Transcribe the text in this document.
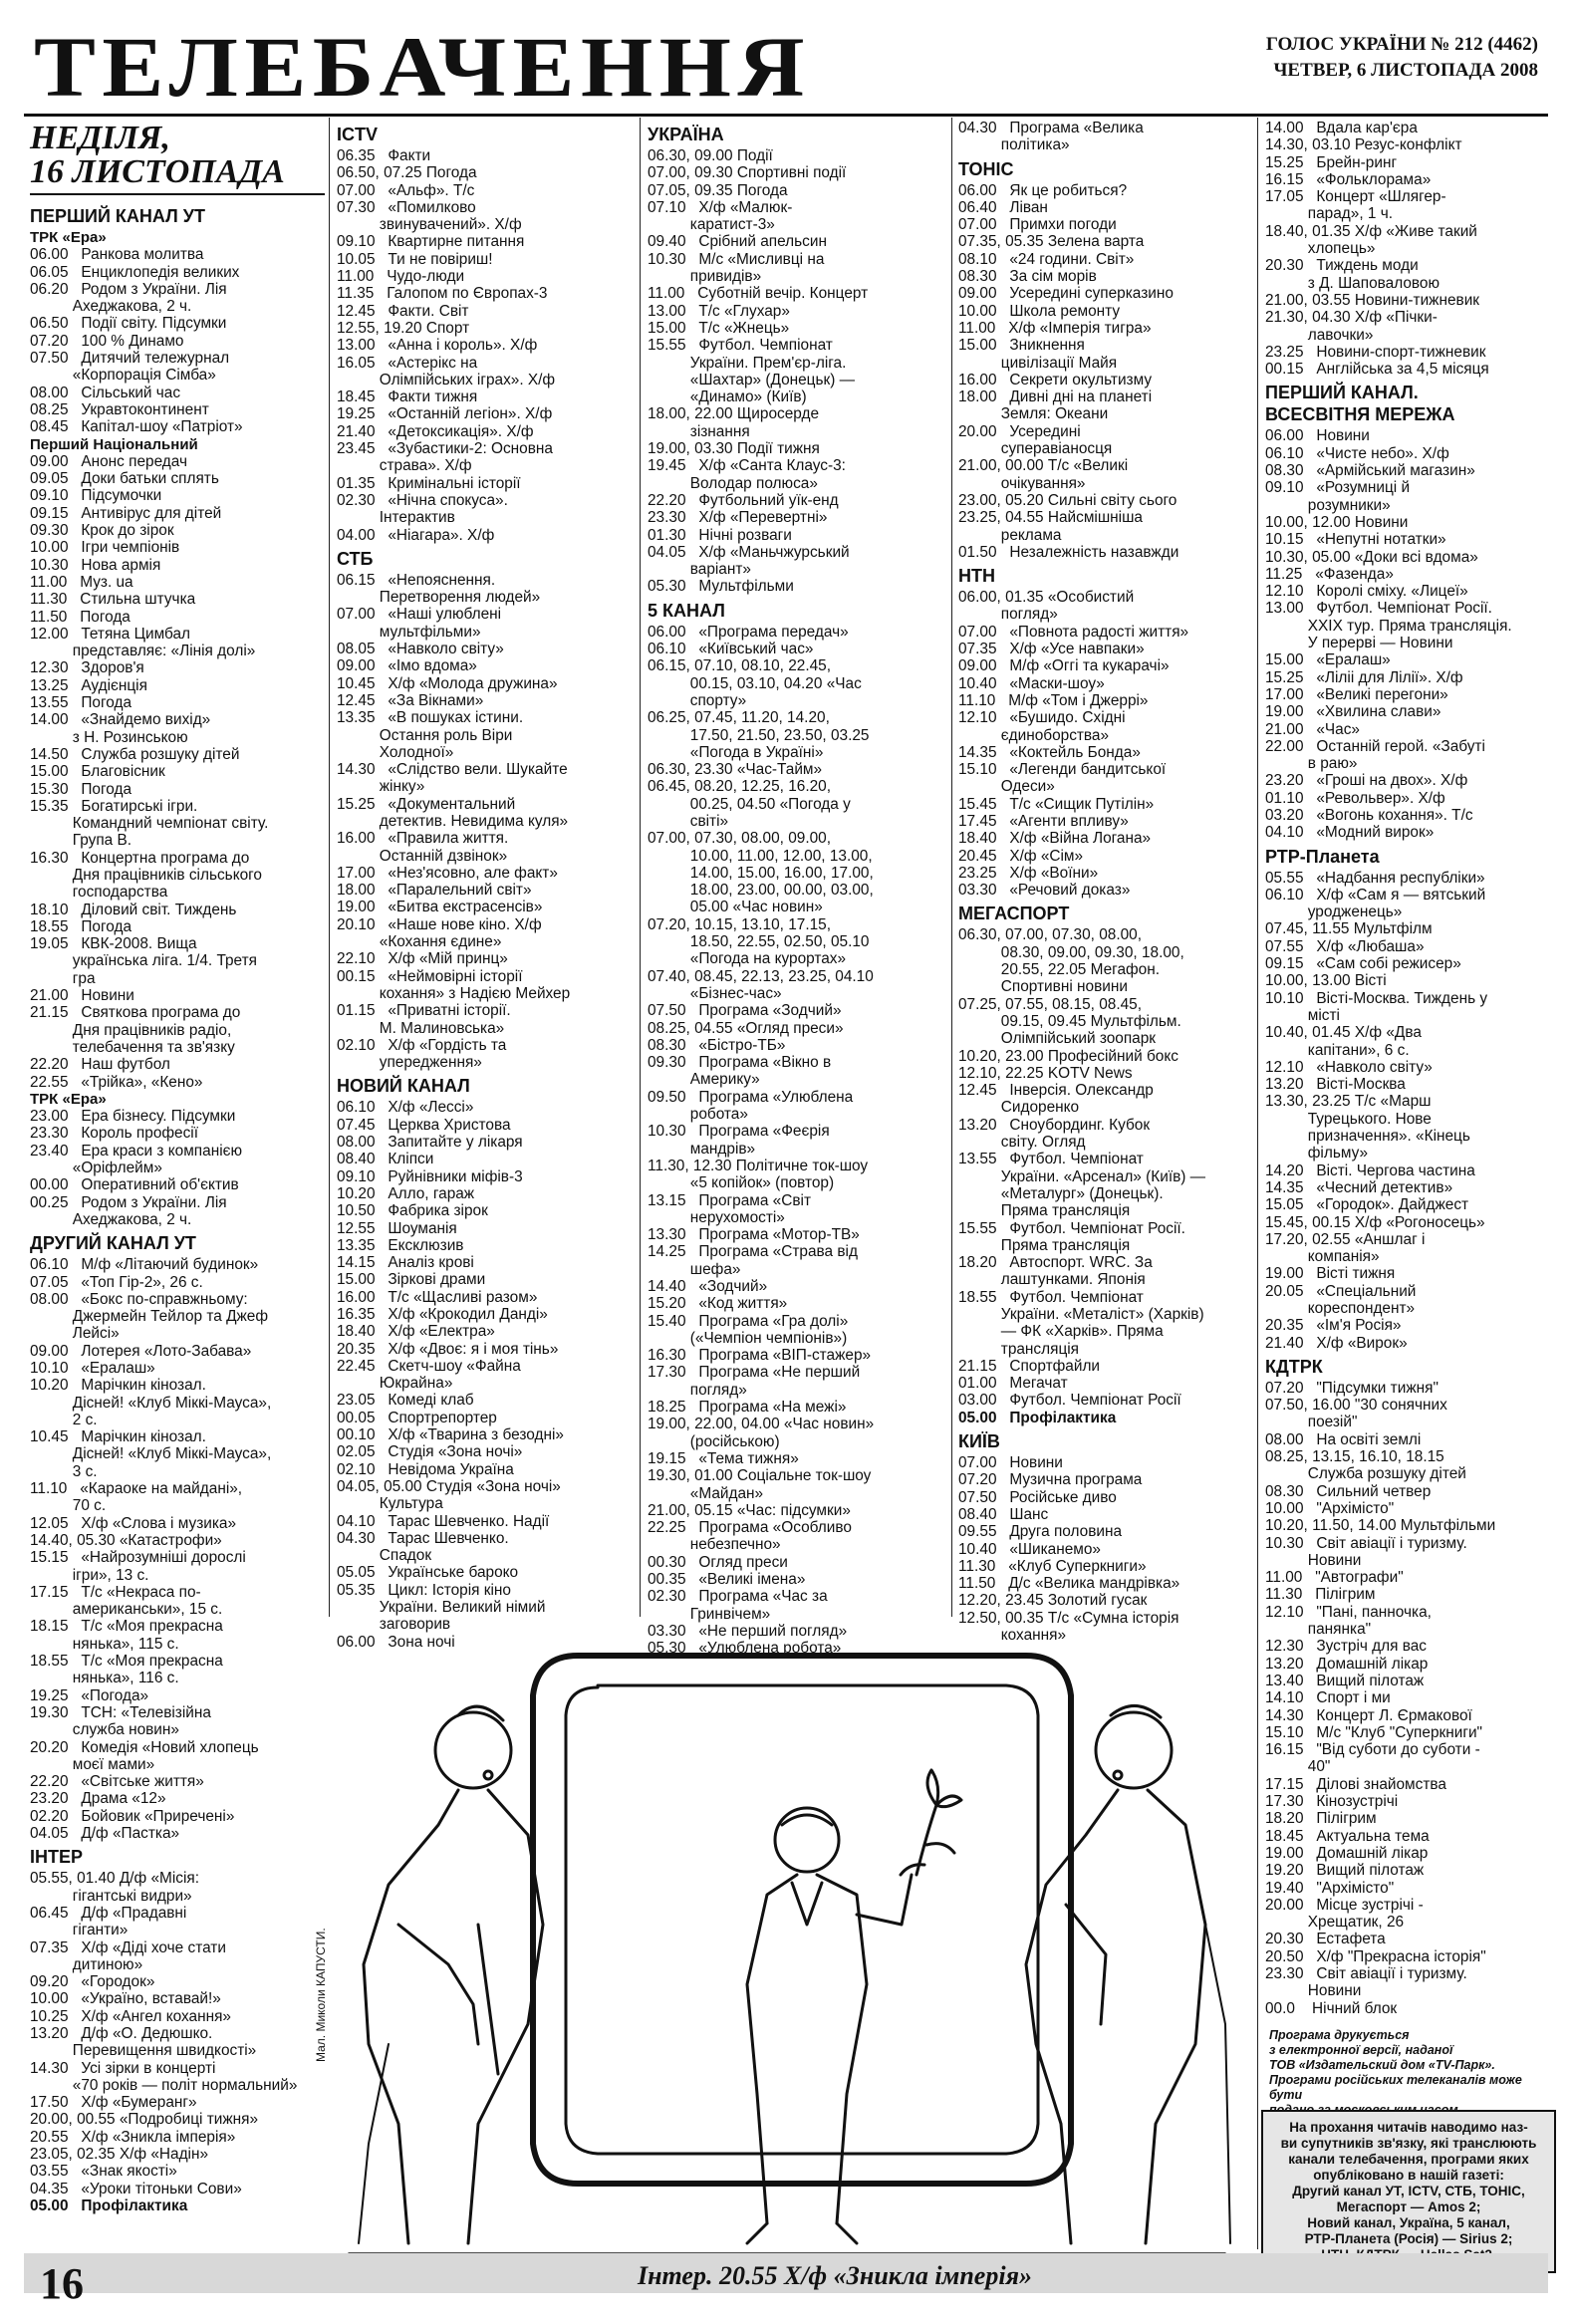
ТЕЛЕБАЧЕННЯ	ГОЛОС УКРАЇНИ № 212 (4462)
ЧЕТВЕР, 6 ЛИСТОПАДА 2008
НЕДІЛЯ,
16 ЛИСТОПАДА
ПЕРШИЙ КАНАЛ УТ
ТРК «Ера»
06.00   Ранкова молитва
06.05   Енциклопедія великих
06.20   Родом з України. Лія
Ахеджакова, 2 ч.
06.50   Події світу. Підсумки
07.20   100 % Динамо
07.50   Дитячий тележурнал
«Корпорація Сімба»
08.00   Сільський час
08.25   Укравтоконтинент
08.45   Капітал-шоу «Патріот»
Перший Національний
09.00   Анонс передач
09.05   Доки батьки сплять
09.10   Підсумочки
09.15   Антивірус для дітей
09.30   Крок до зірок
10.00   Ігри чемпіонів
10.30   Нова армія
11.00   Муз. ua
11.30   Стильна штучка
11.50   Погода
12.00   Тетяна Цимбал
представляє: «Лінія долі»
12.30   Здоров'я
13.25   Аудієнція
13.55   Погода
14.00   «Знайдемо вихід»
з Н. Розинською
14.50   Служба розшуку дітей
15.00   Благовісник
15.30   Погода
15.35   Богатирські ігри.
Командний чемпіонат світу.
Група В.
16.30   Концертна програма до
Дня працівників сільського
господарства
18.10   Діловий світ. Тиждень
18.55   Погода
19.05   КВК-2008. Вища
українська ліга. 1/4. Третя
гра
21.00   Новини
21.15   Святкова програма до
Дня працівників радіо,
телебачення та зв'язку
22.20   Наш футбол
22.55   «Трійка», «Кено»
ТРК «Ера»
23.00   Ера бізнесу. Підсумки
23.30   Король професії
23.40   Ера краси з компанією
«Оріфлейм»
00.00   Оперативний об'єктив
00.25   Родом з України. Лія
Ахеджакова, 2 ч.
ДРУГИЙ КАНАЛ УТ
06.10   М/ф «Літаючий будинок»
07.05   «Топ Гір-2», 26 с.
08.00   «Бокс по-справжньому:
Джермейн Тейлор та Джеф
Лейсі»
09.00   Лотерея «Лото-Забава»
10.10   «Ералаш»
10.20   Марічкин кінозал.
Дісней! «Клуб Міккі-Мауса»,
2 с.
10.45   Марічкин кінозал.
Дісней! «Клуб Міккі-Мауса»,
3 с.
11.10   «Караоке на майдані»,
70 с.
12.05   Х/ф «Слова і музика»
14.40, 05.30 «Катастрофи»
15.15   «Найрозумніші дорослі
ігри», 13 с.
17.15   Т/с «Некраса по-
американськи», 15 с.
18.15   Т/с «Моя прекрасна
нянька», 115 с.
18.55   Т/с «Моя прекрасна
нянька», 116 с.
19.25   «Погода»
19.30   ТСН: «Телевізійна
служба новин»
20.20   Комедія «Новий хлопець
моєї мами»
22.20   «Світське життя»
23.20   Драма «12»
02.20   Бойовик «Приречені»
04.05   Д/ф «Пастка»
ІНТЕР
05.55, 01.40 Д/ф «Місія:
гігантські видри»
06.45   Д/ф «Прадавні
гіганти»
07.35   Х/ф «Діді хоче стати
дитиною»
09.20   «Городок»
10.00   «Україно, вставай!»
10.25   Х/ф «Ангел кохання»
13.20   Д/ф «О. Дедюшко.
Перевищення швидкості»
14.30   Усі зірки в концерті
«70 років — політ нормальний»
17.50   Х/ф «Бумеранг»
20.00, 00.55 «Подробиці тижня»
20.55   Х/ф «Зникла імперія»
23.05, 02.35 Х/ф «Надін»
03.55   «Знак якості»
04.35   «Уроки тітоньки Сови»
05.00   Профілактика
ICTV
06.35   Факти
06.50, 07.25 Погода
07.00   «Альф». Т/с
07.30   «Помилково
звинувачений». Х/ф
09.10   Квартирне питання
10.05   Ти не повіриш!
11.00   Чудо-люди
11.35   Галопом по Європах-3
12.45   Факти. Світ
12.55, 19.20 Спорт
13.00   «Анна і король». Х/ф
16.05   «Астерікс на
Олімпійських іграх». Х/ф
18.45   Факти тижня
19.25   «Останній легіон». Х/ф
21.40   «Детоксикація». Х/ф
23.45   «Зубастики-2: Основна
страва». Х/ф
01.35   Кримінальні історії
02.30   «Нічна спокуса».
Інтерактив
04.00   «Ніагара». Х/ф
СТБ
06.15   «Непояснення.
Перетворення людей»
07.00   «Наші улюблені
мультфільми»
08.05   «Навколо світу»
09.00   «Імо вдома»
10.45   Х/ф «Молода дружина»
12.45   «За Вікнами»
13.35   «В пошуках істини.
Остання роль Віри
Холодної»
14.30   «Слідство вели. Шукайте
жінку»
15.25   «Документальний
детектив. Невидима куля»
16.00   «Правила життя.
Останній дзвінок»
17.00   «Нез'ясовно, але факт»
18.00   «Паралельний світ»
19.00   «Битва екстрасенсів»
20.10   «Наше нове кіно. Х/ф
«Кохання єдине»
22.10   Х/ф «Мій принц»
00.15   «Неймовірні історії
кохання» з Надією Мейхер
01.15   «Приватні історії.
М. Малиновська»
02.10   Х/ф «Гордість та
упередження»
НОВИЙ КАНАЛ
06.10   Х/ф «Лессі»
07.45   Церква Христова
08.00   Запитайте у лікаря
08.40   Кліпси
09.10   Руйнівники міфів-3
10.20   Алло, гараж
10.50   Фабрика зірок
12.55   Шоуманія
13.35   Ексклюзив
14.15   Аналіз крові
15.00   Зіркові драми
16.00   Т/с «Щасливі разом»
16.35   Х/ф «Крокодил Данді»
18.40   Х/ф «Електра»
20.35   Х/ф «Двоє: я і моя тінь»
22.45   Скетч-шоу «Файна
Юкрайна»
23.05   Комеді клаб
00.05   Спортрепортер
00.10   Х/ф «Тварина з безодні»
02.05   Студія «Зона ночі»
02.10   Невідома Україна
04.05, 05.00 Студія «Зона ночі»
Культура
04.10   Тарас Шевченко. Надії
04.30   Тарас Шевченко.
Спадок
05.05   Українське бароко
05.35   Цикл: Історія кіно
України. Великий німий
заговорив
06.00   Зона ночі
УКРАЇНА
06.30, 09.00 Події
07.00, 09.30 Спортивні події
07.05, 09.35 Погода
07.10   Х/ф «Малюк-
каратист-3»
09.40   Срібний апельсин
10.30   М/с «Мисливці на
привидів»
11.00   Суботній вечір. Концерт
13.00   Т/с «Глухар»
15.00   Т/с «Жнець»
15.55   Футбол. Чемпіонат
України. Прем'єр-ліга.
«Шахтар» (Донецьк) —
«Динамо» (Київ)
18.00, 22.00 Щиросерде
зізнання
19.00, 03.30 Події тижня
19.45   Х/ф «Санта Клаус-3:
Володар полюса»
22.20   Футбольний уїк-енд
23.30   Х/ф «Перевертні»
01.30   Нічні розваги
04.05   Х/ф «Маньчжурський
варіант»
05.30   Мультфільми
5 КАНАЛ
06.00   «Програма передач»
06.10   «Київський час»
06.15, 07.10, 08.10, 22.45,
00.15, 03.10, 04.20 «Час
спорту»
06.25, 07.45, 11.20, 14.20,
17.50, 21.50, 23.50, 03.25
«Погода в Україні»
06.30, 23.30 «Час-Тайм»
06.45, 08.20, 12.25, 16.20,
00.25, 04.50 «Погода у
світі»
07.00, 07.30, 08.00, 09.00,
10.00, 11.00, 12.00, 13.00,
14.00, 15.00, 16.00, 17.00,
18.00, 23.00, 00.00, 03.00,
05.00 «Час новин»
07.20, 10.15, 13.10, 17.15,
18.50, 22.55, 02.50, 05.10
«Погода на курортах»
07.40, 08.45, 22.13, 23.25, 04.10
«Бізнес-час»
07.50   Програма «Зодчий»
08.25, 04.55 «Огляд преси»
08.30   «Бістро-ТБ»
09.30   Програма «Вікно в
Америку»
09.50   Програма «Улюблена
робота»
10.30   Програма «Феєрія
мандрів»
11.30, 12.30 Політичне ток-шоу
«5 копійок» (повтор)
13.15   Програма «Світ
нерухомості»
13.30   Програма «Мотор-ТВ»
14.25   Програма «Страва від
шефа»
14.40   «Зодчий»
15.20   «Код життя»
15.40   Програма «Гра долі»
(«Чемпіон чемпіонів»)
16.30   Програма «ВІП-стажер»
17.30   Програма «Не перший
погляд»
18.25   Програма «На межі»
19.00, 22.00, 04.00 «Час новин»
(російською)
19.15   «Тема тижня»
19.30, 01.00 Соціальне ток-шоу
«Майдан»
21.00, 05.15 «Час: підсумки»
22.25   Програма «Особливо
небезпечно»
00.30   Огляд преси
00.35   «Великі імена»
02.30   Програма «Час за
Гринвічем»
03.30   «Не перший погляд»
05.30   «Улюблена робота»
04.30   Програма «Велика
політика»
ТОНІС
06.00   Як це робиться?
06.40   Ліван
07.00   Примхи погоди
07.35, 05.35 Зелена варта
08.10   «24 години. Світ»
08.30   За сім морів
09.00   Усередині суперказино
10.00   Школа ремонту
11.00   Х/ф «Імперія тигра»
15.00   Зникнення
цивілізації Майя
16.00   Секрети окультизму
18.00   Дивні дні на планеті
Земля: Океани
20.00   Усередині
суперавіаносця
21.00, 00.00 Т/с «Великі
очікування»
23.00, 05.20 Сильні світу сього
23.25, 04.55 Найсмішніша
реклама
01.50   Незалежність назавжди
НТН
06.00, 01.35 «Особистий
погляд»
07.00   «Повнота радості життя»
07.35   Х/ф «Усе навпаки»
09.00   М/ф «Оггі та кукарачі»
10.40   «Маски-шоу»
11.10   М/ф «Том і Джеррі»
12.10   «Бушидо. Східні
єдиноборства»
14.35   «Коктейль Бонда»
15.10   «Легенди бандитської
Одеси»
15.45   Т/с «Сищик Путілін»
17.45   «Агенти впливу»
18.40   Х/ф «Війна Логана»
20.45   Х/ф «Сім»
23.25   Х/ф «Воїни»
03.30   «Речовий доказ»
МЕГАСПОРТ
06.30, 07.00, 07.30, 08.00,
08.30, 09.00, 09.30, 18.00,
20.55, 22.05 Мегафон.
Спортивні новини
07.25, 07.55, 08.15, 08.45,
09.15, 09.45 Мультфільм.
Олімпійський зоопарк
10.20, 23.00 Професійний бокс
12.10, 22.25 KOTV News
12.45   Інверсія. Олександр
Сидоренко
13.20   Сноубординг. Кубок
світу. Огляд
13.55   Футбол. Чемпіонат
України. «Арсенал» (Київ) —
«Металург» (Донецьк).
Пряма трансляція
15.55   Футбол. Чемпіонат Росії.
Пряма трансляція
18.20   Автоспорт. WRC. За
лаштунками. Японія
18.55   Футбол. Чемпіонат
України. «Металіст» (Харків)
— ФК «Харків». Пряма
трансляція
21.15   Спортфайли
01.00   Мегачат
03.00   Футбол. Чемпіонат Росії
05.00   Профілактика
КИЇВ
07.00   Новини
07.20   Музична програма
07.50   Російське диво
08.40   Шанс
09.55   Друга половина
10.40   «Шиканемо»
11.30   «Клуб Суперкниги»
11.50   Д/с «Велика мандрівка»
12.20, 23.45 Золотий гусак
12.50, 00.35 Т/с «Сумна історія
кохання»
14.00   Вдала кар'єра
14.30, 03.10 Резус-конфлікт
15.25   Брейн-ринг
16.15   «Фольклорама»
17.05   Концерт «Шлягер-
парад», 1 ч.
18.40, 01.35 Х/ф «Живе такий
хлопець»
20.30   Тиждень моди
з Д. Шаповаловою
21.00, 03.55 Новини-тижневик
21.30, 04.30 Х/ф «Пічки-
лавочки»
23.25   Новини-спорт-тижневик
00.15   Англійська за 4,5 місяця
ПЕРШИЙ КАНАЛ.
ВСЕСВІТНЯ МЕРЕЖА
06.00   Новини
06.10   «Чисте небо». Х/ф
08.30   «Армійський магазин»
09.10   «Розумниці й
розумники»
10.00, 12.00 Новини
10.15   «Непутні нотатки»
10.30, 05.00 «Доки всі вдома»
11.25   «Фазенда»
12.10   Королі сміху. «Лицеї»
13.00   Футбол. Чемпіонат Росії.
XXIX тур. Пряма трансляція.
У перерві — Новини
15.00   «Ералаш»
15.25   «Ліліі для Лілії». Х/ф
17.00   «Великі перегони»
19.00   «Хвилина слави»
21.00   «Час»
22.00   Останній герой. «Забуті
в раю»
23.20   «Гроші на двох». Х/ф
01.10   «Револьвер». Х/ф
03.20   «Вогонь кохання». Т/с
04.10   «Модний вирок»
РТР-Планета
05.55   «Надбання республіки»
06.10   Х/ф «Сам я — вятський
уродженець»
07.45, 11.55 Мультфілм
07.55   Х/ф «Любаша»
09.15   «Сам собі режисер»
10.00, 13.00 Вісті
10.10   Вісті-Москва. Тиждень у
місті
10.40, 01.45 Х/ф «Два
капітани», 6 с.
12.10   «Навколо світу»
13.20   Вісті-Москва
13.30, 23.25 Т/с «Марш
Турецького. Нове
призначення». «Кінець
фільму»
14.20   Вісті. Чергова частина
14.35   «Чесний детектив»
15.05   «Городок». Дайджест
15.45, 00.15 Х/ф «Рогоносець»
17.20, 02.55 «Аншлаг і
компанія»
19.00   Вісті тижня
20.05   «Спеціальний
кореспондент»
20.35   «Ім'я Росія»
21.40   Х/ф «Вирок»
КДТРК
07.20   "Підсумки тижня"
07.50, 16.00 "30 сонячних
поезій"
08.00   На освіті землі
08.25, 13.15, 16.10, 18.15
Служба розшуку дітей
08.30   Сильний четвер
10.00   "Архімісто"
10.20, 11.50, 14.00 Мультфільми
10.30   Світ авіації і туризму.
Новини
11.00   "Автографи"
11.30   Пілігрим
12.10   "Пані, панночка,
панянка"
12.30   Зустріч для вас
13.20   Домашній лікар
13.40   Вищий пілотаж
14.10   Спорт і ми
14.30   Концерт Л. Єрмакової
15.10   М/с "Клуб "Суперкниги"
16.15   "Від суботи до суботи -
40"
17.15   Ділові знайомства
17.30   Кінозустрічі
18.20   Пілігрим
18.45   Актуальна тема
19.00   Домашній лікар
19.20   Вищий пілотаж
19.40   "Архімісто"
20.00   Місце зустрічі -
Хрещатик, 26
20.30   Естафета
20.50   Х/ф "Прекрасна історія"
23.30   Світ авіації і туризму.
Новини
00.0    Нічний блок
Програма друкується
з електронної версії, наданої
ТОВ «Издательский дом «TV-Парк».
Програми російських телеканалів може бути

На прохання читачів наводимо наз-
ви супутників зв'язку, які транслюють
канали телебачення, програми яких
опубліковано в нашій газеті:
Другий канал УТ, ICTV, СТБ, ТОНІС,
Мегаспорт — Amos 2;
Новий канал, Україна, 5 канал,
РТР-Планета (Росія) — Sirius 2;

Мал. Миколи КАПУСТИ.
16	Інтер. 20.55 Х/ф «Зникла імперія»
